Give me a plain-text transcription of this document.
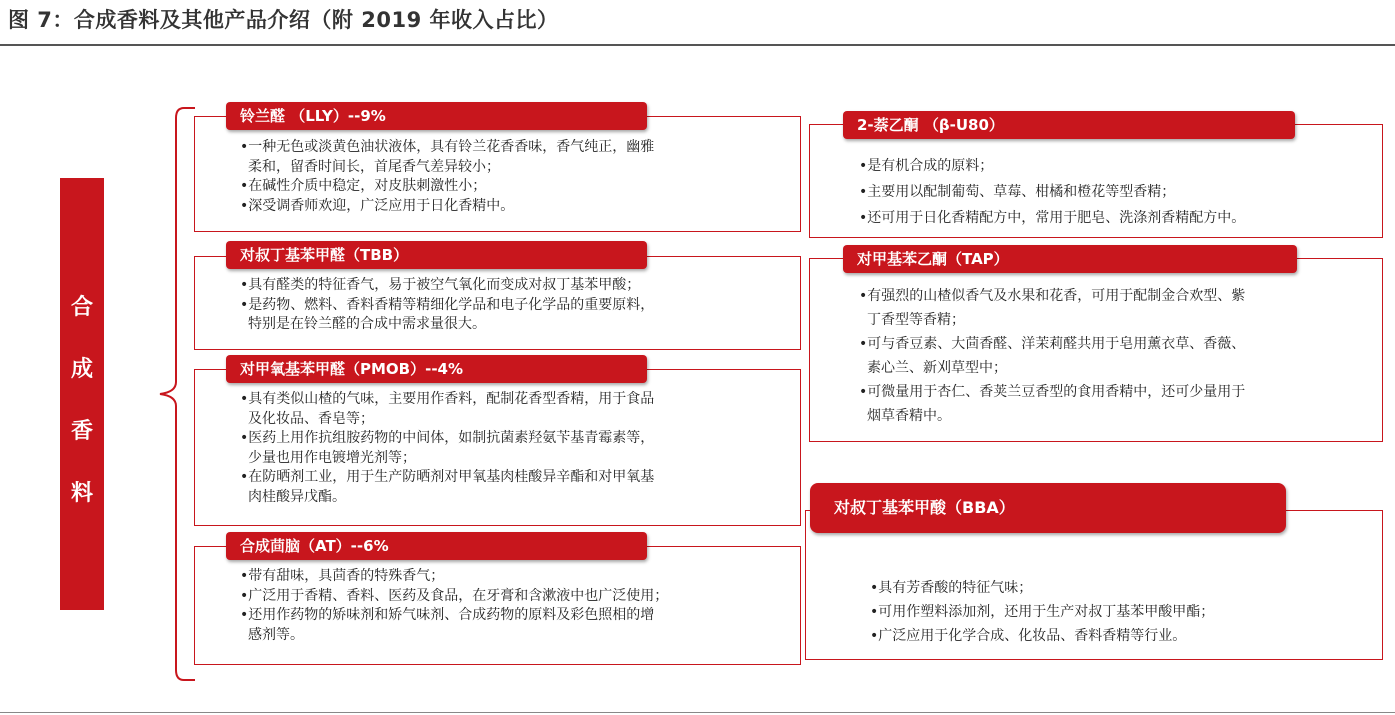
图 7：合成香料及其他产品介绍（附 2019 年收入占比）
合
成
香
料
铃兰醛 （LLY）--9%
•一种无色或淡黄色油状液体，具有铃兰花香香味，香气纯正，幽雅
柔和，留香时间长，首尾香气差异较小；
•在碱性介质中稳定，对皮肤刺激性小；
•深受调香师欢迎，广泛应用于日化香精中。
对叔丁基苯甲醛（TBB）
•具有醛类的特征香气，易于被空气氧化而变成对叔丁基苯甲酸；
•是药物、燃料、香料香精等精细化学品和电子化学品的重要原料，
特别是在铃兰醛的合成中需求量很大。
对甲氧基苯甲醛（PMOB）--4%
•具有类似山楂的气味，主要用作香料，配制花香型香精，用于食品
及化妆品、香皂等；
•医药上用作抗组胺药物的中间体，如制抗菌素羟氨苄基青霉素等，
少量也用作电镀增光剂等；
•在防晒剂工业，用于生产防晒剂对甲氧基肉桂酸异辛酯和对甲氧基
肉桂酸异戊酯。
合成茴脑（AT）--6%
•带有甜味，具茴香的特殊香气；
•广泛用于香精、香料、医药及食品，在牙膏和含漱液中也广泛使用；
•还用作药物的矫味剂和矫气味剂、合成药物的原料及彩色照相的增
感剂等。
2-萘乙酮 （β-U80）
•是有机合成的原料；
•主要用以配制葡萄、草莓、柑橘和橙花等型香精；
•还可用于日化香精配方中，常用于肥皂、洗涤剂香精配方中。
对甲基苯乙酮（TAP）
•有强烈的山楂似香气及水果和花香，可用于配制金合欢型、紫
丁香型等香精；
•可与香豆素、大茴香醛、洋茉莉醛共用于皂用薰衣草、香薇、
素心兰、新刈草型中；
•可微量用于杏仁、香荚兰豆香型的食用香精中，还可少量用于
烟草香精中。
对叔丁基苯甲酸（BBA）
•具有芳香酸的特征气味；
•可用作塑料添加剂，还用于生产对叔丁基苯甲酸甲酯；
•广泛应用于化学合成、化妆品、香料香精等行业。
